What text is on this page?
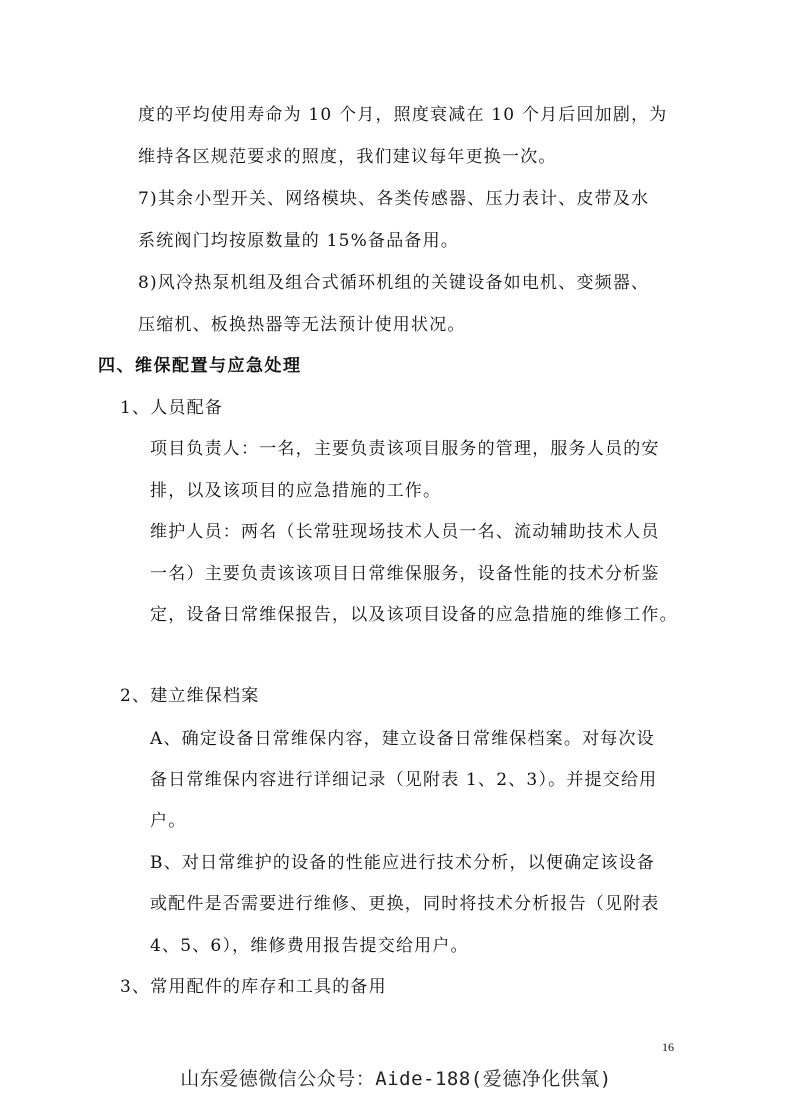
度的平均使用寿命为 10 个月，照度衰减在 10 个月后回加剧，为
维持各区规范要求的照度，我们建议每年更换一次。
7)其余小型开关、网络模块、各类传感器、压力表计、皮带及水
系统阀门均按原数量的 15%备品备用。
8)风冷热泵机组及组合式循环机组的关键设备如电机、变频器、
压缩机、板换热器等无法预计使用状况。
四、维保配置与应急处理
1、人员配备
项目负责人：一名，主要负责该项目服务的管理，服务人员的安
排，以及该项目的应急措施的工作。
维护人员：两名（长常驻现场技术人员一名、流动辅助技术人员
一名）主要负责该该项目日常维保服务，设备性能的技术分析鉴
定，设备日常维保报告，以及该项目设备的应急措施的维修工作。
2、建立维保档案
A、确定设备日常维保内容，建立设备日常维保档案。对每次设
备日常维保内容进行详细记录（见附表 1、2、3）。并提交给用
户。
B、对日常维护的设备的性能应进行技术分析，以便确定该设备
或配件是否需要进行维修、更换，同时将技术分析报告（见附表
4、5、6），维修费用报告提交给用户。
3、常用配件的库存和工具的备用
16
山东爱德微信公众号：Aide-188(爱德净化供氧)
